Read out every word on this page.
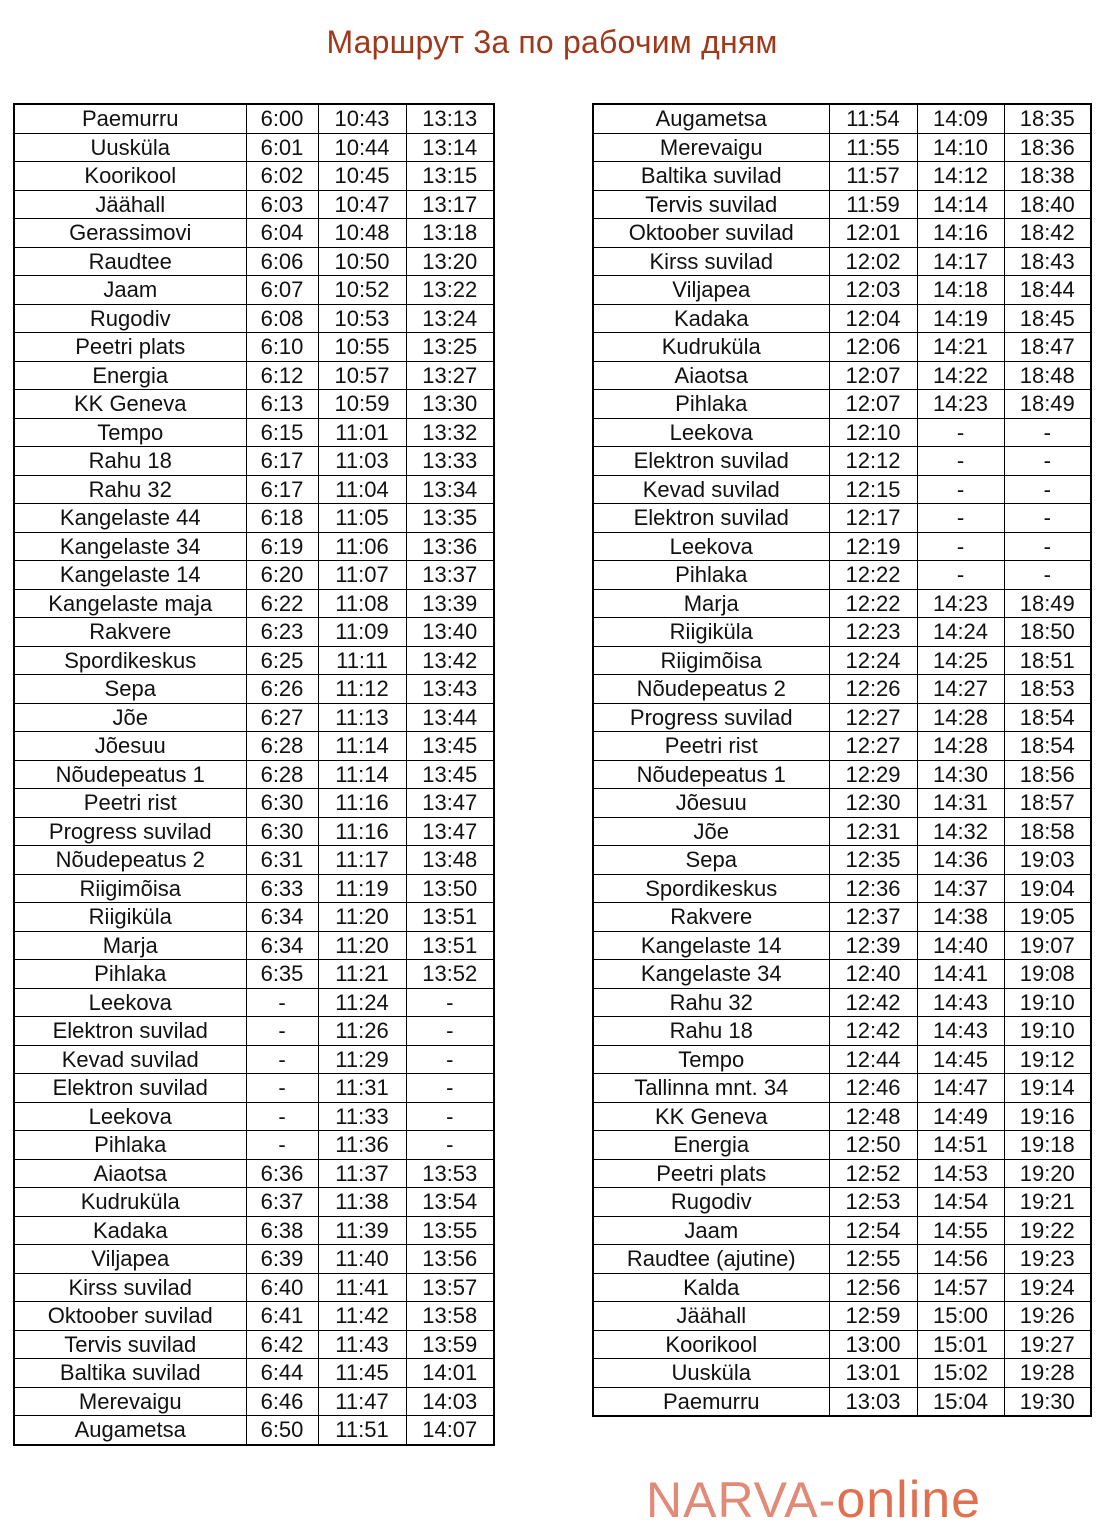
Маршрут 3а по рабочим дням
Paemurru	6:00	10:43	13:13
Uusküla	6:01	10:44	13:14
Koorikool	6:02	10:45	13:15
Jäähall	6:03	10:47	13:17
Gerassimovi	6:04	10:48	13:18
Raudtee	6:06	10:50	13:20
Jaam	6:07	10:52	13:22
Rugodiv	6:08	10:53	13:24
Peetri plats	6:10	10:55	13:25
Energia	6:12	10:57	13:27
KK Geneva	6:13	10:59	13:30
Tempo	6:15	11:01	13:32
Rahu 18	6:17	11:03	13:33
Rahu 32	6:17	11:04	13:34
Kangelaste 44	6:18	11:05	13:35
Kangelaste 34	6:19	11:06	13:36
Kangelaste 14	6:20	11:07	13:37
Kangelaste maja	6:22	11:08	13:39
Rakvere	6:23	11:09	13:40
Spordikeskus	6:25	11:11	13:42
Sepa	6:26	11:12	13:43
Jõe	6:27	11:13	13:44
Jõesuu	6:28	11:14	13:45
Nõudepeatus 1	6:28	11:14	13:45
Peetri rist	6:30	11:16	13:47
Progress suvilad	6:30	11:16	13:47
Nõudepeatus 2	6:31	11:17	13:48
Riigimõisa	6:33	11:19	13:50
Riigiküla	6:34	11:20	13:51
Marja	6:34	11:20	13:51
Pihlaka	6:35	11:21	13:52
Leekova	-	11:24	-
Elektron suvilad	-	11:26	-
Kevad suvilad	-	11:29	-
Elektron suvilad	-	11:31	-
Leekova	-	11:33	-
Pihlaka	-	11:36	-
Aiaotsa	6:36	11:37	13:53
Kudruküla	6:37	11:38	13:54
Kadaka	6:38	11:39	13:55
Viljapea	6:39	11:40	13:56
Kirss suvilad	6:40	11:41	13:57
Oktoober suvilad	6:41	11:42	13:58
Tervis suvilad	6:42	11:43	13:59
Baltika suvilad	6:44	11:45	14:01
Merevaigu	6:46	11:47	14:03
Augametsa	6:50	11:51	14:07
Augametsa	11:54	14:09	18:35
Merevaigu	11:55	14:10	18:36
Baltika suvilad	11:57	14:12	18:38
Tervis suvilad	11:59	14:14	18:40
Oktoober suvilad	12:01	14:16	18:42
Kirss suvilad	12:02	14:17	18:43
Viljapea	12:03	14:18	18:44
Kadaka	12:04	14:19	18:45
Kudruküla	12:06	14:21	18:47
Aiaotsa	12:07	14:22	18:48
Pihlaka	12:07	14:23	18:49
Leekova	12:10	-	-
Elektron suvilad	12:12	-	-
Kevad suvilad	12:15	-	-
Elektron suvilad	12:17	-	-
Leekova	12:19	-	-
Pihlaka	12:22	-	-
Marja	12:22	14:23	18:49
Riigiküla	12:23	14:24	18:50
Riigimõisa	12:24	14:25	18:51
Nõudepeatus 2	12:26	14:27	18:53
Progress suvilad	12:27	14:28	18:54
Peetri rist	12:27	14:28	18:54
Nõudepeatus 1	12:29	14:30	18:56
Jõesuu	12:30	14:31	18:57
Jõe	12:31	14:32	18:58
Sepa	12:35	14:36	19:03
Spordikeskus	12:36	14:37	19:04
Rakvere	12:37	14:38	19:05
Kangelaste 14	12:39	14:40	19:07
Kangelaste 34	12:40	14:41	19:08
Rahu 32	12:42	14:43	19:10
Rahu 18	12:42	14:43	19:10
Tempo	12:44	14:45	19:12
Tallinna mnt. 34	12:46	14:47	19:14
KK Geneva	12:48	14:49	19:16
Energia	12:50	14:51	19:18
Peetri plats	12:52	14:53	19:20
Rugodiv	12:53	14:54	19:21
Jaam	12:54	14:55	19:22
Raudtee (ajutine)	12:55	14:56	19:23
Kalda	12:56	14:57	19:24
Jäähall	12:59	15:00	19:26
Koorikool	13:00	15:01	19:27
Uusküla	13:01	15:02	19:28
Paemurru	13:03	15:04	19:30
NARVA-online
